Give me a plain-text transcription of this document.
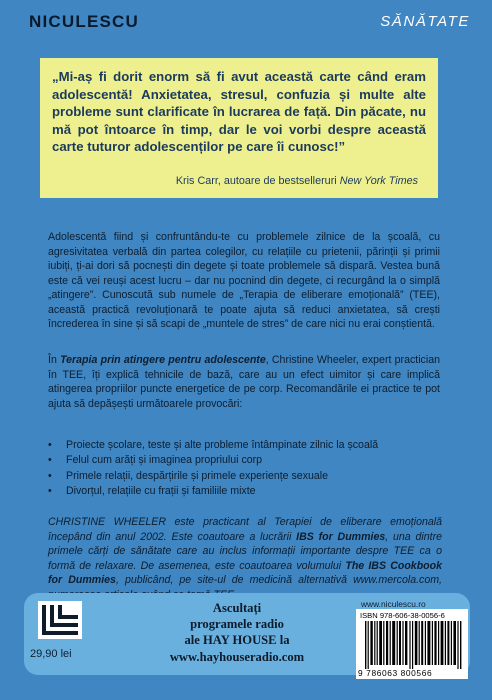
NICULESCU	SĂNĂTATE

„Mi-aș fi dorit enorm să fi avut această carte când eram adolescentă! Anxietatea, stresul, confuzia și multe alte probleme sunt clarificate în lucrarea de față. Din păcate, nu mă pot întoarce în timp, dar le voi vorbi despre această carte tuturor adolescenților pe care îi cunosc!”

Kris Carr, autoare de bestselleruri New York Times

Adolescentă fiind și confruntându-te cu problemele zilnice de la școală, cu agresivitatea verbală din partea colegilor, cu relațiile cu prietenii, părinții și primii iubiți, ți-ai dori să pocnești din degete și toate problemele să dispară. Vestea bună este că vei reuși acest lucru – dar nu pocnind din degete, ci recurgând la o simplă „atingere”. Cunoscută sub numele de „Terapia de eliberare emoțională” (TEE), această practică revoluționară te poate ajuta să reduci anxietatea, să crești încrederea în sine și să scapi de „muntele de stres” de care nici nu erai conștientă.

În Terapia prin atingere pentru adolescente, Christine Wheeler, expert practician în TEE, îți explică tehnicile de bază, care au un efect uimitor și care implică atingerea propriilor puncte energetice de pe corp. Recomandările ei practice te pot ajuta să depășești următoarele provocări:

• Proiecte școlare, teste și alte probleme întâmpinate zilnic la școală
• Felul cum arăți și imaginea propriului corp
• Primele relații, despărțirile și primele experiențe sexuale
• Divorțul, relațiile cu frații și familiile mixte

CHRISTINE WHEELER este practicant al Terapiei de eliberare emoțională începând din anul 2002. Este coautoare a lucrării IBS for Dummies, una dintre primele cărți de sănătate care au inclus informații importante despre TEE ca o formă de relaxare. De asemenea, este coautoarea volumului The IBS Cookbook for Dummies, publicând, pe site-ul de medicină alternativă www.mercola.com,

29,90 lei
Ascultați
programele radio
ale HAY HOUSE la
www.hayhouseradio.com
www.niculescu.ro
ISBN 978-606-38-0056-6
9 786063 800566
